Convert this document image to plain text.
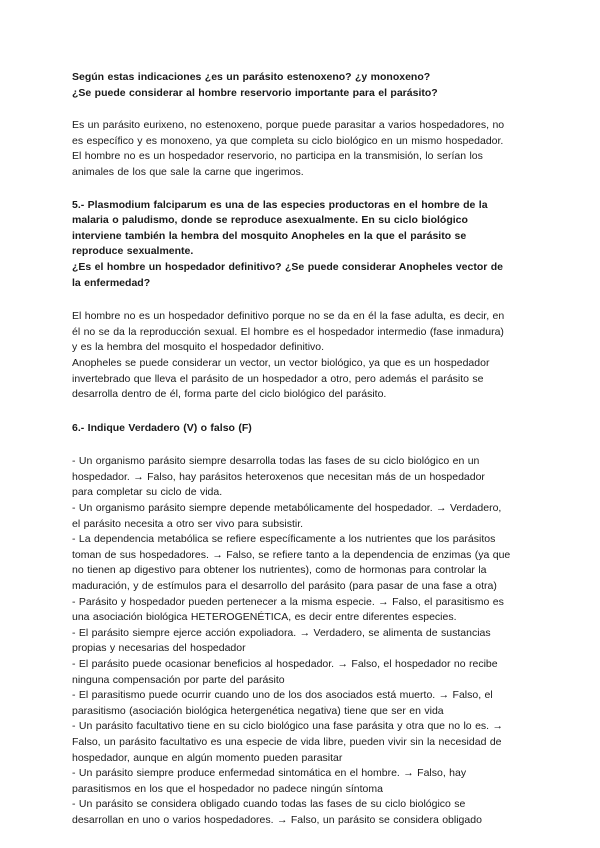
Según estas indicaciones ¿es un parásito estenoxeno? ¿y monoxeno?

¿Se puede considerar al hombre reservorio importante para el parásito?

Es un parásito eurixeno, no estenoxeno, porque puede parasitar a varios hospedadores, no

es específico y es monoxeno, ya que completa su ciclo biológico en un mismo hospedador.

El hombre no es un hospedador reservorio, no participa en la transmisión, lo serían los

animales de los que sale la carne que ingerimos.

5.- Plasmodium falciparum es una de las especies productoras en el hombre de la

malaria o paludismo, donde se reproduce asexualmente. En su ciclo biológico

interviene también la hembra del mosquito Anopheles en la que el parásito se

reproduce sexualmente.

¿Es el hombre un hospedador definitivo? ¿Se puede considerar Anopheles vector de

la enfermedad?

El hombre no es un hospedador definitivo porque no se da en él la fase adulta, es decir, en

él no se da la reproducción sexual. El hombre es el hospedador intermedio (fase inmadura)

y es la hembra del mosquito el hospedador definitivo.

Anopheles se puede considerar un vector, un vector biológico, ya que es un hospedador

invertebrado que lleva el parásito de un hospedador a otro, pero además el parásito se

desarrolla dentro de él, forma parte del ciclo biológico del parásito.

6.- Indique Verdadero (V) o falso (F)

- Un organismo parásito siempre desarrolla todas las fases de su ciclo biológico en un

hospedador. → Falso, hay parásitos heteroxenos que necesitan más de un hospedador

para completar su ciclo de vida.

- Un organismo parásito siempre depende metabólicamente del hospedador. → Verdadero,

el parásito necesita a otro ser vivo para subsistir.

- La dependencia metabólica se refiere específicamente a los nutrientes que los parásitos

toman de sus hospedadores. → Falso, se refiere tanto a la dependencia de enzimas (ya que

no tienen ap digestivo para obtener los nutrientes), como de hormonas para controlar la

maduración, y de estímulos para el desarrollo del parásito (para pasar de una fase a otra)

- Parásito y hospedador pueden pertenecer a la misma especie. → Falso, el parasitismo es

una asociación biológica HETEROGENÉTICA, es decir entre diferentes especies.

- El parásito siempre ejerce acción expoliadora. → Verdadero, se alimenta de sustancias

propias y necesarias del hospedador

- El parásito puede ocasionar beneficios al hospedador. → Falso, el hospedador no recibe

ninguna compensación por parte del parásito

- El parasitismo puede ocurrir cuando uno de los dos asociados está muerto. → Falso, el

parasitismo (asociación biológica hetergenética negativa) tiene que ser en vida

- Un parásito facultativo tiene en su ciclo biológico una fase parásita y otra que no lo es. →

Falso, un parásito facultativo es una especie de vida libre, pueden vivir sin la necesidad de

hospedador, aunque en algún momento pueden parasitar

- Un parásito siempre produce enfermedad sintomática en el hombre. → Falso, hay

parasitismos en los que el hospedador no padece ningún síntoma

- Un parásito se considera obligado cuando todas las fases de su ciclo biológico se

desarrollan en uno o varios hospedadores. → Falso, un parásito se considera obligado
